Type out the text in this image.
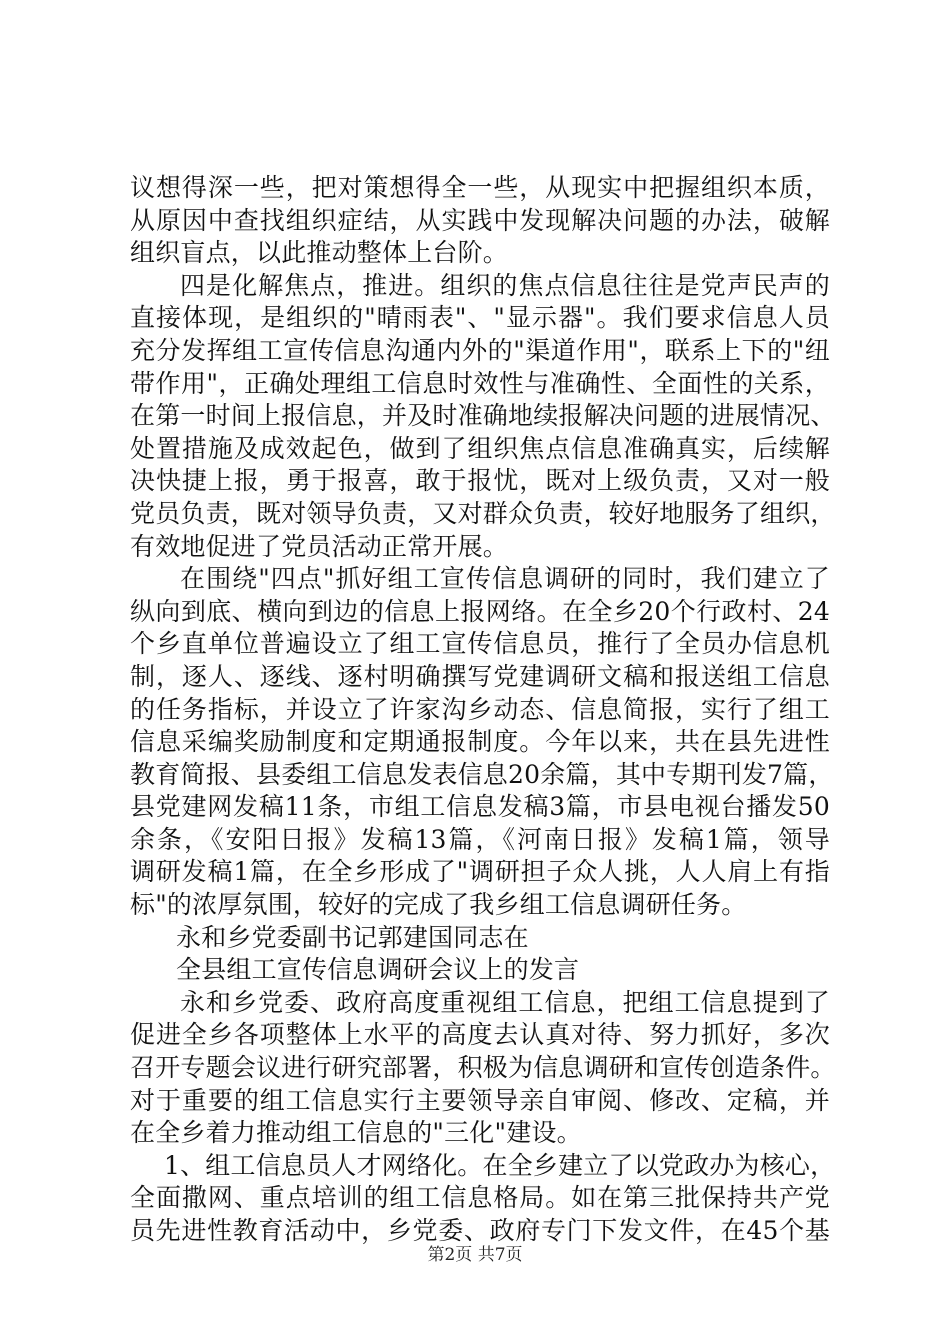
议想得深一些，把对策想得全一些，从现实中把握组织本质，
从原因中查找组织症结，从实践中发现解决问题的办法，破解
组织盲点，以此推动整体上台阶。
四是化解焦点，推进。组织的焦点信息往往是党声民声的
直接体现，是组织的"晴雨表"、"显示器"。我们要求信息人员
充分发挥组工宣传信息沟通内外的"渠道作用"，联系上下的"纽
带作用"，正确处理组工信息时效性与准确性、全面性的关系，
在第一时间上报信息，并及时准确地续报解决问题的进展情况、
处置措施及成效起色，做到了组织焦点信息准确真实，后续解
决快捷上报，勇于报喜，敢于报忧，既对上级负责，又对一般
党员负责，既对领导负责，又对群众负责，较好地服务了组织，
有效地促进了党员活动正常开展。
在围绕"四点"抓好组工宣传信息调研的同时，我们建立了
纵向到底、横向到边的信息上报网络。在全乡20个行政村、24
个乡直单位普遍设立了组工宣传信息员，推行了全员办信息机
制，逐人、逐线、逐村明确撰写党建调研文稿和报送组工信息
的任务指标，并设立了许家沟乡动态、信息简报，实行了组工
信息采编奖励制度和定期通报制度。今年以来，共在县先进性
教育简报、县委组工信息发表信息20余篇，其中专期刊发7篇，
县党建网发稿11条，市组工信息发稿3篇，市县电视台播发50
余条，《安阳日报》发稿13篇，《河南日报》发稿1篇，领导
调研发稿1篇，在全乡形成了"调研担子众人挑，人人肩上有指
标"的浓厚氛围，较好的完成了我乡组工信息调研任务。
永和乡党委副书记郭建国同志在
全县组工宣传信息调研会议上的发言
永和乡党委、政府高度重视组工信息，把组工信息提到了
促进全乡各项整体上水平的高度去认真对待、努力抓好，多次
召开专题会议进行研究部署，积极为信息调研和宣传创造条件。
对于重要的组工信息实行主要领导亲自审阅、修改、定稿，并
在全乡着力推动组工信息的"三化"建设。
1、组工信息员人才网络化。在全乡建立了以党政办为核心，
全面撒网、重点培训的组工信息格局。如在第三批保持共产党
员先进性教育活动中，乡党委、政府专门下发文件，在45个基
第2页 共7页
